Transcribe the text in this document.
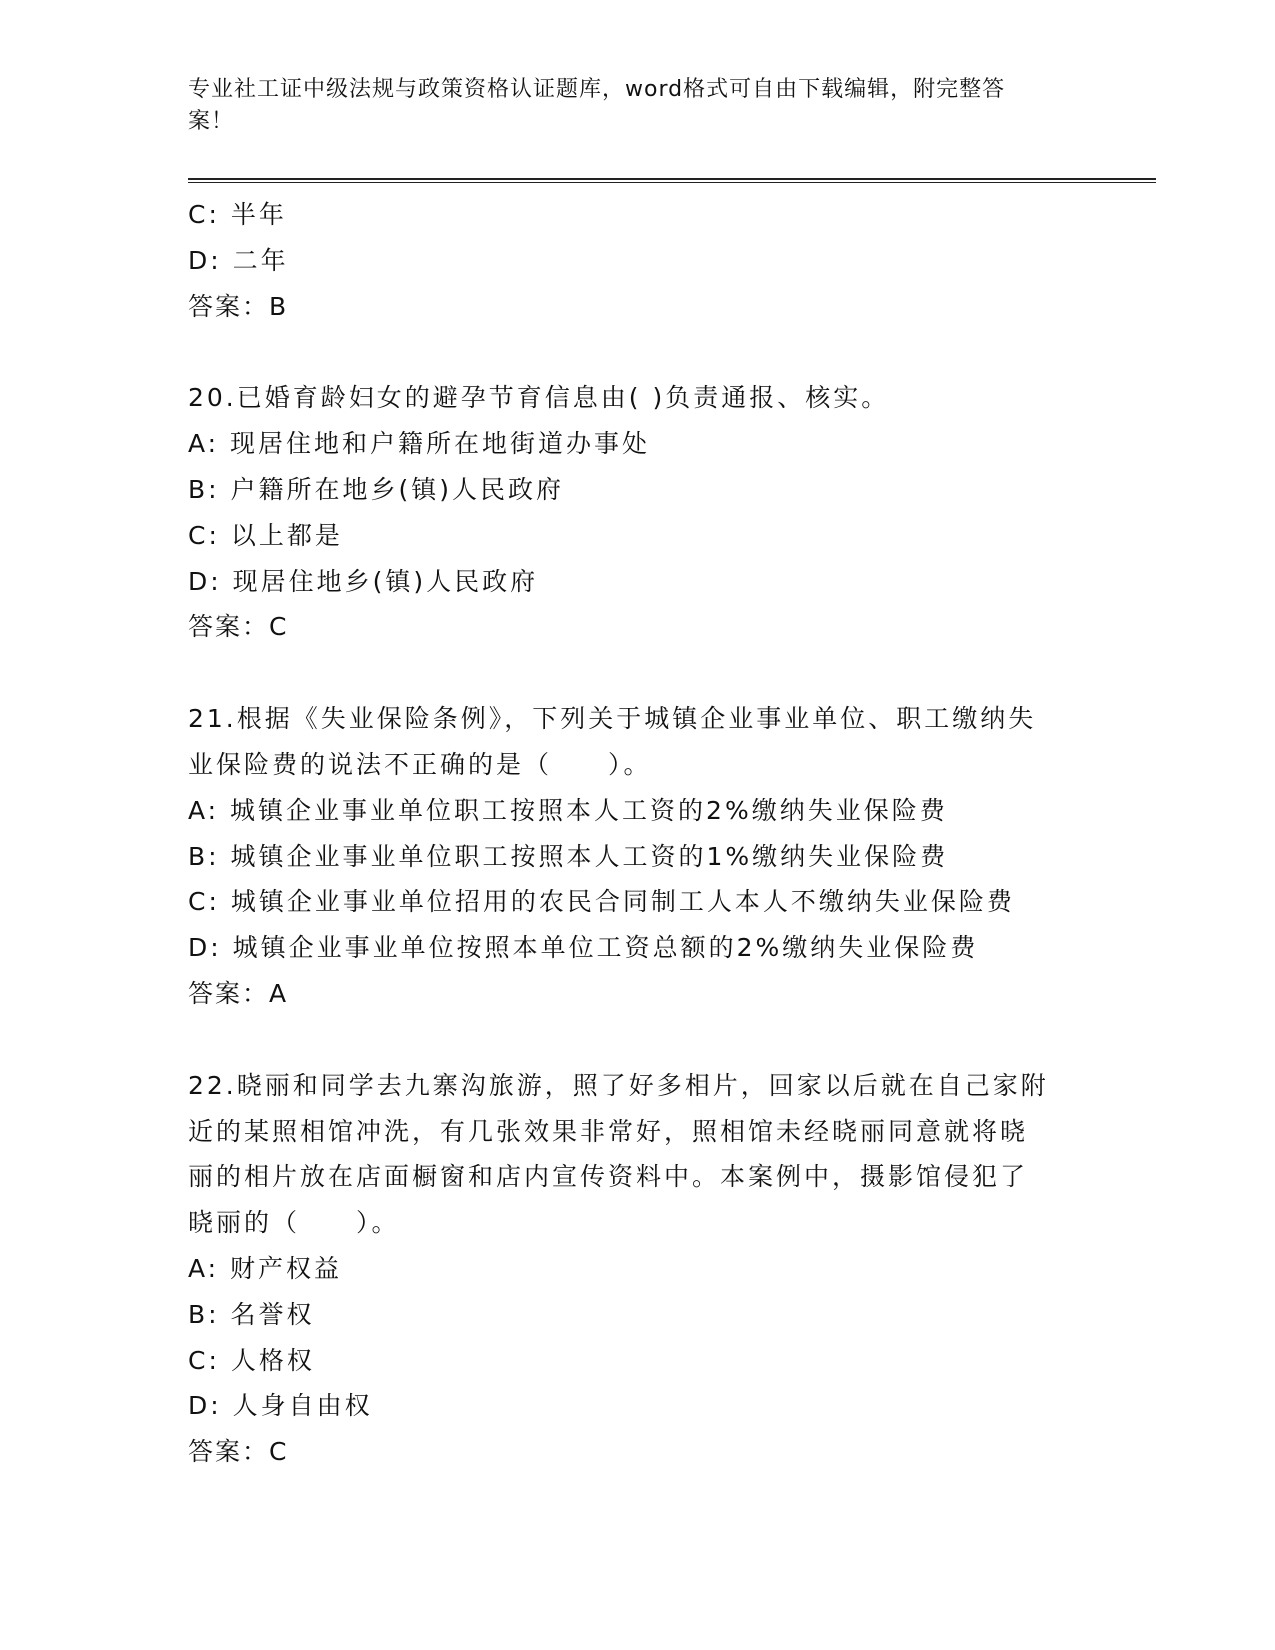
专业社工证中级法规与政策资格认证题库，word格式可自由下载编辑，附完整答
案！
C: 半年
D: 二年
答案：B
20.已婚育龄妇女的避孕节育信息由( )负责通报、核实。
A: 现居住地和户籍所在地街道办事处
B: 户籍所在地乡(镇)人民政府
C: 以上都是
D: 现居住地乡(镇)人民政府
答案：C
21.根据《失业保险条例》，下列关于城镇企业事业单位、职工缴纳失
业保险费的说法不正确的是（　　）。
A: 城镇企业事业单位职工按照本人工资的2%缴纳失业保险费
B: 城镇企业事业单位职工按照本人工资的1%缴纳失业保险费
C: 城镇企业事业单位招用的农民合同制工人本人不缴纳失业保险费
D: 城镇企业事业单位按照本单位工资总额的2%缴纳失业保险费
答案：A
22.晓丽和同学去九寨沟旅游，照了好多相片，回家以后就在自己家附
近的某照相馆冲洗，有几张效果非常好，照相馆未经晓丽同意就将晓
丽的相片放在店面橱窗和店内宣传资料中。本案例中，摄影馆侵犯了
晓丽的（　　）。
A: 财产权益
B: 名誉权
C: 人格权
D: 人身自由权
答案：C
